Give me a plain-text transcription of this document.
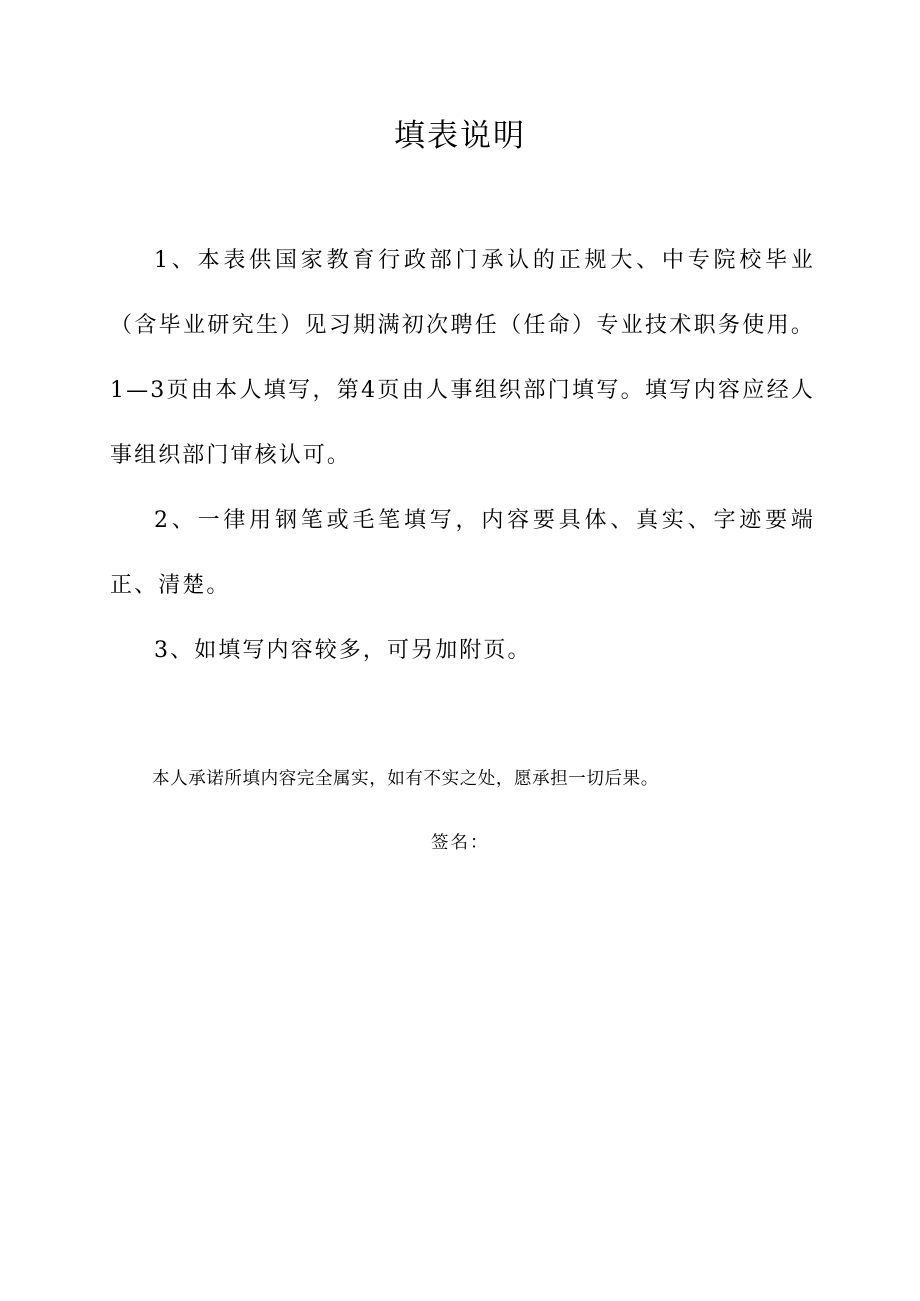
填表说明

1、本表供国家教育行政部门承认的正规大、中专院校毕业（含毕业研究生）见习期满初次聘任（任命）专业技术职务使用。1—3页由本人填写，第4页由人事组织部门填写。填写内容应经人事组织部门审核认可。

2、一律用钢笔或毛笔填写，内容要具体、真实、字迹要端正、清楚。

3、如填写内容较多，可另加附页。

本人承诺所填内容完全属实，如有不实之处，愿承担一切后果。

签名：
